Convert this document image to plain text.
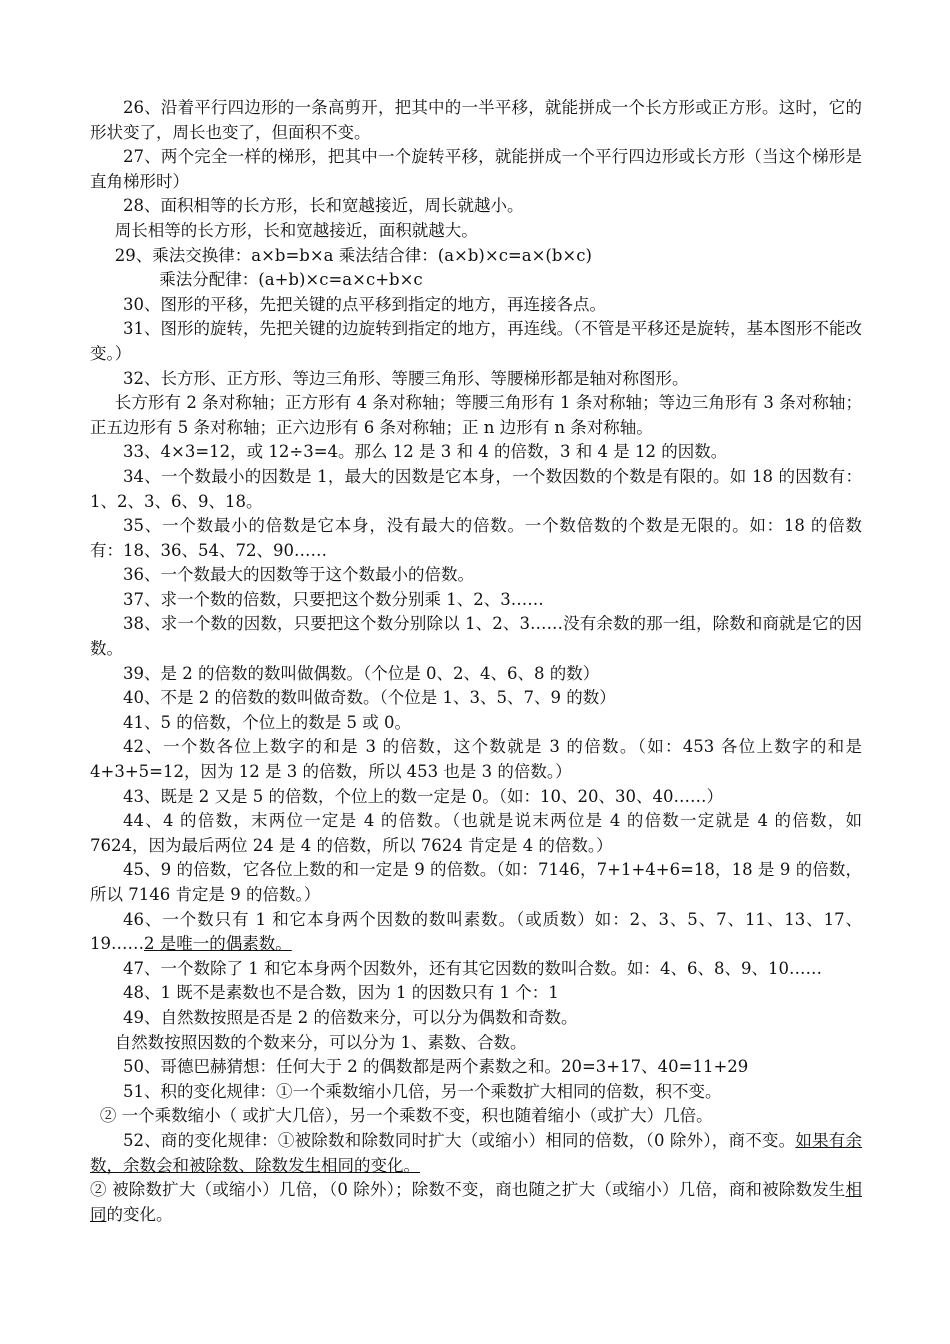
26、沿着平行四边形的一条高剪开，把其中的一半平移，就能拼成一个长方形或正方形。这时，它的形状变了，周长也变了，但面积不变。

27、两个完全一样的梯形，把其中一个旋转平移，就能拼成一个平行四边形或长方形（当这个梯形是直角梯形时）

28、面积相等的长方形，长和宽越接近，周长就越小。

周长相等的长方形，长和宽越接近，面积就越大。

29、乘法交换律：a×b=b×a 乘法结合律：(a×b)×c=a×(b×c)

乘法分配律：(a+b)×c=a×c+b×c

30、图形的平移，先把关键的点平移到指定的地方，再连接各点。

31、图形的旋转，先把关键的边旋转到指定的地方，再连线。（不管是平移还是旋转，基本图形不能改变。）

32、长方形、正方形、等边三角形、等腰三角形、等腰梯形都是轴对称图形。

长方形有 2 条对称轴；正方形有 4 条对称轴；等腰三角形有 1 条对称轴；等边三角形有 3 条对称轴；正五边形有 5 条对称轴；正六边形有 6 条对称轴；正 n 边形有 n 条对称轴。

33、4×3=12，或 12÷3=4。那么 12 是 3 和 4 的倍数，3 和 4 是 12 的因数。

34、一个数最小的因数是 1，最大的因数是它本身，一个数因数的个数是有限的。如 18 的因数有：1、2、3、6、9、18。

35、一个数最小的倍数是它本身，没有最大的倍数。一个数倍数的个数是无限的。如：18 的倍数有：18、36、54、72、90……

36、一个数最大的因数等于这个数最小的倍数。

37、求一个数的倍数，只要把这个数分别乘 1、2、3……

38、求一个数的因数，只要把这个数分别除以 1、2、3……没有余数的那一组，除数和商就是它的因数。

39、是 2 的倍数的数叫做偶数。（个位是 0、2、4、6、8 的数）

40、不是 2 的倍数的数叫做奇数。（个位是 1、3、5、7、9 的数）

41、5 的倍数，个位上的数是 5 或 0。

42、一个数各位上数字的和是 3 的倍数，这个数就是 3 的倍数。（如：453 各位上数字的和是 4+3+5=12，因为 12 是 3 的倍数，所以 453 也是 3 的倍数。）

43、既是 2 又是 5 的倍数，个位上的数一定是 0。（如：10、20、30、40……）

44、4 的倍数，末两位一定是 4 的倍数。（也就是说末两位是 4 的倍数一定就是 4 的倍数，如 7624，因为最后两位 24 是 4 的倍数，所以 7624 肯定是 4 的倍数。）

45、9 的倍数，它各位上数的和一定是 9 的倍数。（如：7146，7+1+4+6=18，18 是 9 的倍数，所以 7146 肯定是 9 的倍数。）

46、一个数只有 1 和它本身两个因数的数叫素数。（或质数）如：2、3、5、7、11、13、17、19……2 是唯一的偶素数。

47、一个数除了 1 和它本身两个因数外，还有其它因数的数叫合数。如：4、6、8、9、10……

48、1 既不是素数也不是合数，因为 1 的因数只有 1 个：1

49、自然数按照是否是 2 的倍数来分，可以分为偶数和奇数。

自然数按照因数的个数来分，可以分为 1、素数、合数。

50、哥德巴赫猜想：任何大于 2 的偶数都是两个素数之和。20=3+17、40=11+29

51、积的变化规律：①一个乘数缩小几倍，另一个乘数扩大相同的倍数，积不变。

② 一个乘数缩小（ 或扩大几倍），另一个乘数不变，积也随着缩小（或扩大）几倍。

52、商的变化规律：①被除数和除数同时扩大（或缩小）相同的倍数，（0 除外），商不变。如果有余数，余数会和被除数、除数发生相同的变化。

② 被除数扩大（或缩小）几倍，（0 除外）；除数不变，商也随之扩大（或缩小）几倍，商和被除数发生相同的变化。
